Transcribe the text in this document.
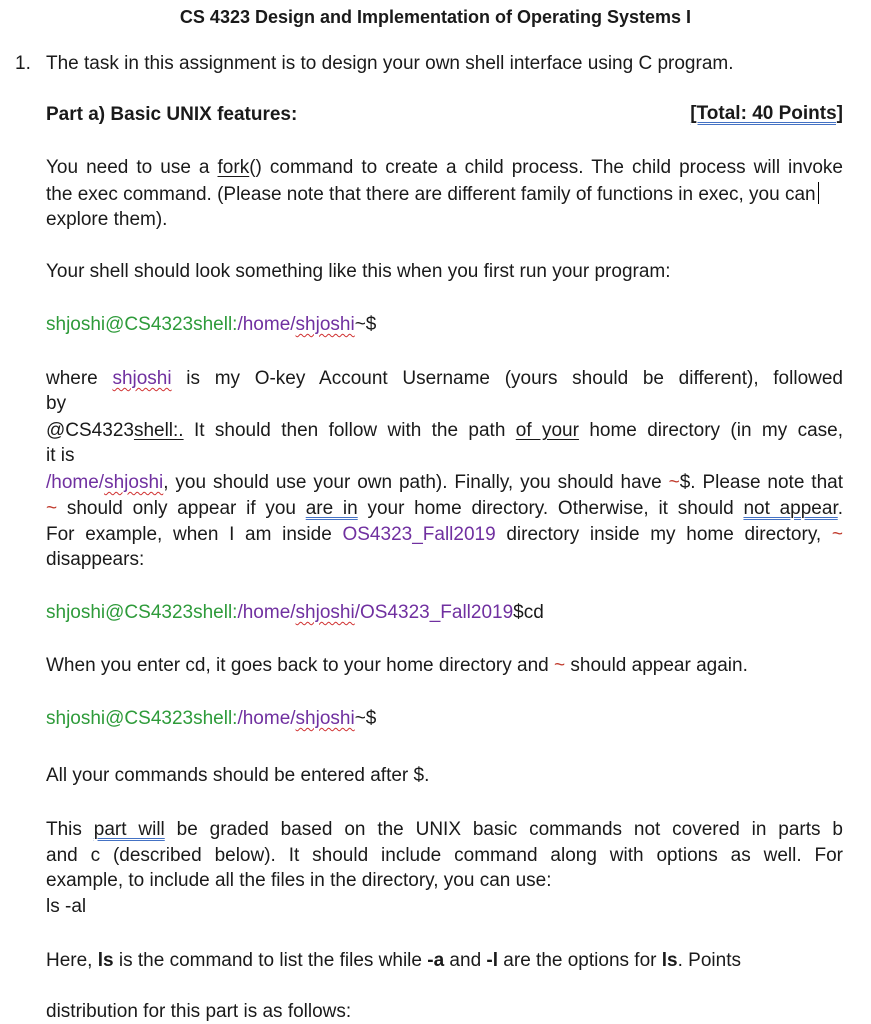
CS 4323 Design and Implementation of Operating Systems I
1. The task in this assignment is to design your own shell interface using C program.
Part a) Basic UNIX features:	[Total: 40 Points]
You need to use a fork() command to create a child process. The child process will invoke
the exec command. (Please note that there are different family of functions in exec, you can
explore them).
Your shell should look something like this when you first run your program:
shjoshi@CS4323shell:/home/shjoshi~$
where shjoshi is my O-key Account Username (yours should be different), followed
by
@CS4323shell:. It should then follow with the path of your home directory (in my case,
it is
/home/shjoshi, you should use your own path). Finally, you should have ~$. Please note that
~ should only appear if you are in your home directory. Otherwise, it should not appear.
For example, when I am inside OS4323_Fall2019 directory inside my home directory, ~
disappears:
shjoshi@CS4323shell:/home/shjoshi/OS4323_Fall2019$cd
When you enter cd, it goes back to your home directory and ~ should appear again.
shjoshi@CS4323shell:/home/shjoshi~$
All your commands should be entered after $.
This part will be graded based on the UNIX basic commands not covered in parts b
and c (described below). It should include command along with options as well. For
example, to include all the files in the directory, you can use:
ls -al
Here, ls is the command to list the files while -a and -l are the options for ls. Points
distribution for this part is as follows:
